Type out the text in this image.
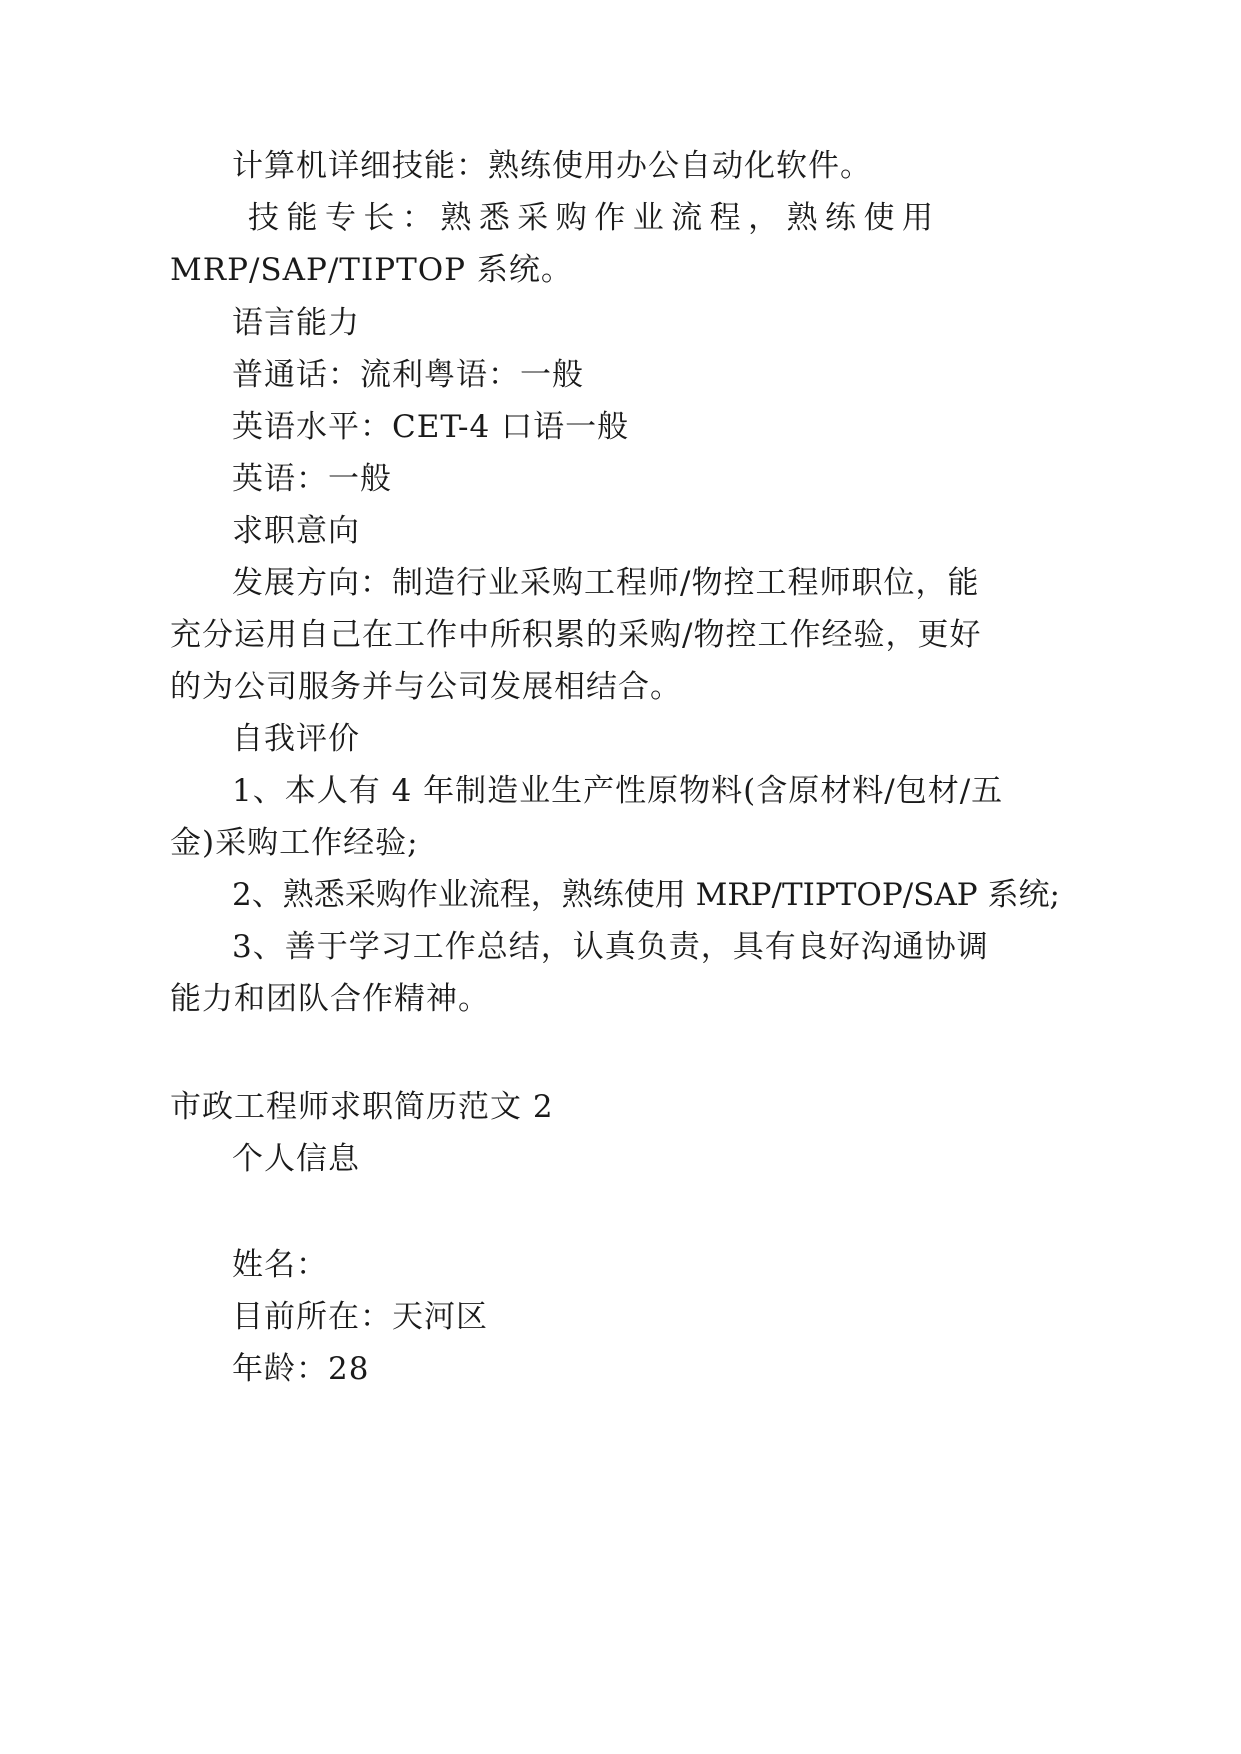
计算机详细技能：熟练使用办公自动化软件。
技 能 专 长 ： 熟 悉 采 购 作 业 流 程 ， 熟 练 使 用
MRP/SAP/TIPTOP 系统。
语言能力
普通话：流利粤语：一般
英语水平：CET-4 口语一般
英语：一般
求职意向
发展方向：制造行业采购工程师/物控工程师职位，能
充分运用自己在工作中所积累的采购/物控工作经验，更好
的为公司服务并与公司发展相结合。
自我评价
1、本人有 4 年制造业生产性原物料(含原材料/包材/五
金)采购工作经验;
2、熟悉采购作业流程，熟练使用 MRP/TIPTOP/SAP 系统;
3、善于学习工作总结，认真负责，具有良好沟通协调
能力和团队合作精神。
市政工程师求职简历范文 2
个人信息
姓名：
目前所在：天河区
年龄：28
